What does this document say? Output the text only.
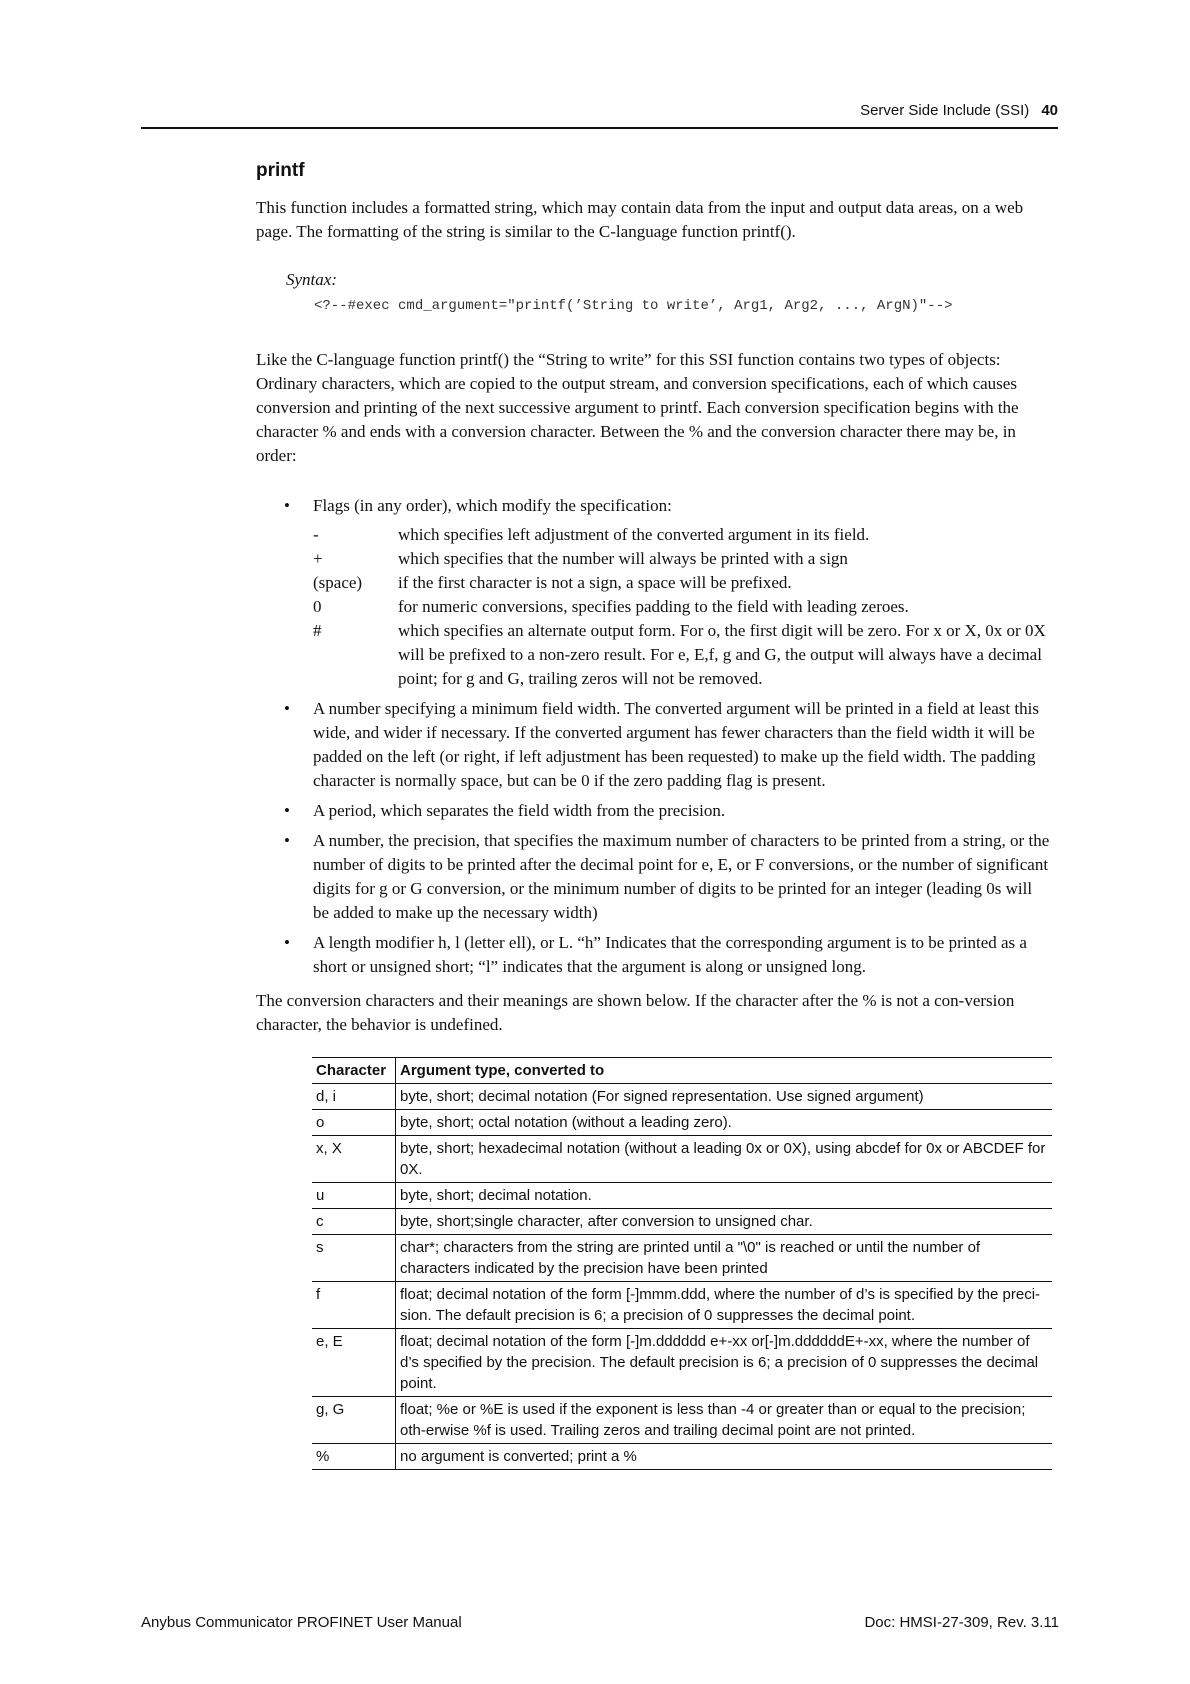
Server Side Include (SSI) 40
printf

This function includes a formatted string, which may contain data from the input and output data areas, on a web page. The formatting of the string is similar to the C-language function printf().

Syntax:
<?--#exec cmd_argument="printf(’String to write’, Arg1, Arg2, ..., ArgN)"-->

Like the C-language function printf() the “String to write” for this SSI function contains two types of objects: Ordinary characters, which are copied to the output stream, and conversion specifications, each of which causes conversion and printing of the next successive argument to printf. Each conversion specification begins with the character % and ends with a conversion character. Between the % and the conversion character there may be, in order:

• Flags (in any order), which modify the specification:
-	which specifies left adjustment of the converted argument in its field.
+	which specifies that the number will always be printed with a sign
(space)	if the first character is not a sign, a space will be prefixed.
0	for numeric conversions, specifies padding to the field with leading zeroes.
#	which specifies an alternate output form. For o, the first digit will be zero. For x or X, 0x or 0X will be prefixed to a non-zero result. For e, E,f, g and G, the output will always have a decimal point; for g and G, trailing zeros will not be removed.
• A number specifying a minimum field width. The converted argument will be printed in a field at least this wide, and wider if necessary. If the converted argument has fewer characters than the field width it will be padded on the left (or right, if left adjustment has been requested) to make up the field width. The padding character is normally space, but can be 0 if the zero padding flag is present.
• A period, which separates the field width from the precision.
• A number, the precision, that specifies the maximum number of characters to be printed from a string, or the number of digits to be printed after the decimal point for e, E, or F conversions, or the number of significant digits for g or G conversion, or the minimum number of digits to be printed for an integer (leading 0s will be added to make up the necessary width)
• A length modifier h, l (letter ell), or L. “h” Indicates that the corresponding argument is to be printed as a short or unsigned short; “l” indicates that the argument is along or unsigned long.

The conversion characters and their meanings are shown below. If the character after the % is not a con-version character, the behavior is undefined.

Character	Argument type, converted to
d, i	byte, short; decimal notation (For signed representation. Use signed argument)
o	byte, short; octal notation (without a leading zero).
x, X	byte, short; hexadecimal notation (without a leading 0x or 0X), using abcdef for 0x or ABCDEF for 0X.
u	byte, short; decimal notation.
c	byte, short;single character, after conversion to unsigned char.
s	char*; characters from the string are printed until a "\0" is reached or until the number of characters indicated by the precision have been printed
f	float; decimal notation of the form [-]mmm.ddd, where the number of d’s is specified by the preci-sion. The default precision is 6; a precision of 0 suppresses the decimal point.
e, E	float; decimal notation of the form [-]m.dddddd e+-xx or[-]m.ddddddE+-xx, where the number of d’s specified by the precision. The default precision is 6; a precision of 0 suppresses the decimal point.
g, G	float; %e or %E is used if the exponent is less than -4 or greater than or equal to the precision; oth-erwise %f is used. Trailing zeros and trailing decimal point are not printed.
%	no argument is converted; print a %
Anybus Communicator PROFINET User Manual	Doc: HMSI-27-309, Rev. 3.11
